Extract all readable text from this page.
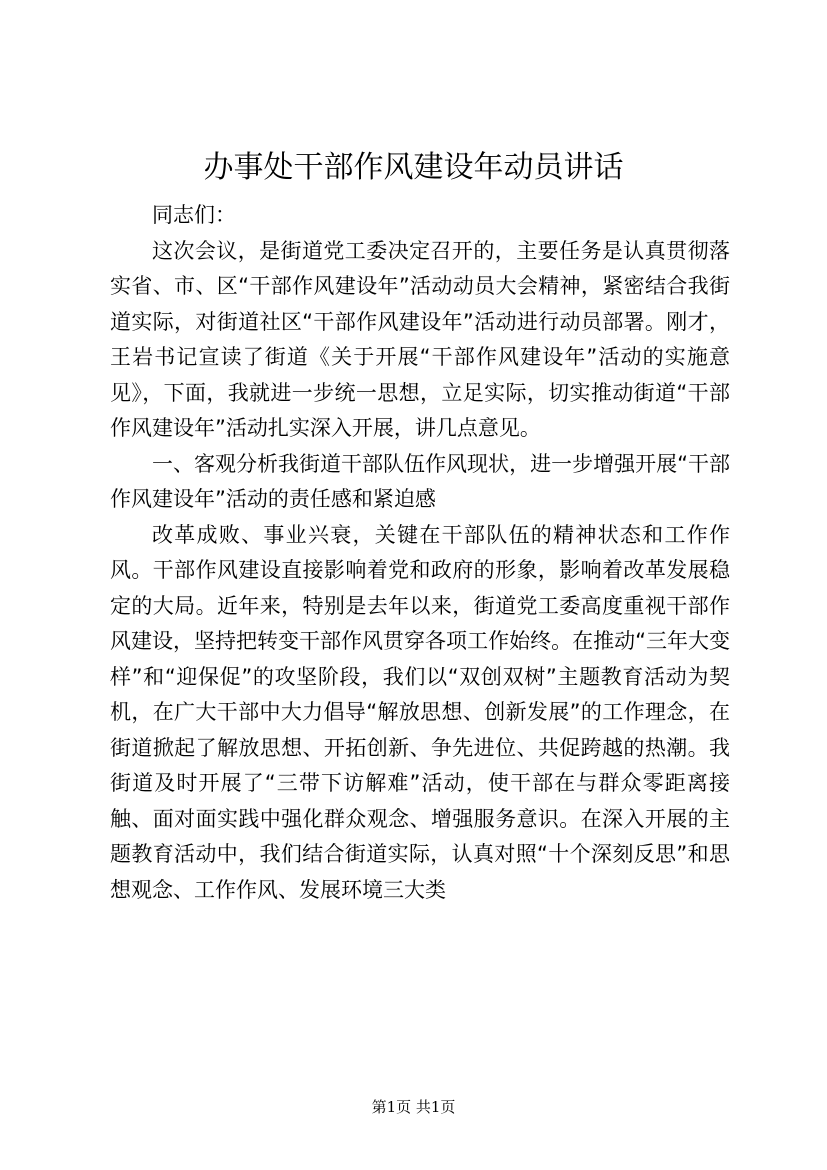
办事处干部作风建设年动员讲话

同志们：

这次会议，是街道党工委决定召开的，主要任务是认真贯彻落实省、市、区“干部作风建设年”活动动员大会精神，紧密结合我街道实际，对街道社区“干部作风建设年”活动进行动员部署。刚才，王岩书记宣读了街道《关于开展“干部作风建设年”活动的实施意见》，下面，我就进一步统一思想，立足实际，切实推动街道“干部作风建设年”活动扎实深入开展，讲几点意见。

一、客观分析我街道干部队伍作风现状，进一步增强开展“干部作风建设年”活动的责任感和紧迫感

改革成败、事业兴衰，关键在干部队伍的精神状态和工作作风。干部作风建设直接影响着党和政府的形象，影响着改革发展稳定的大局。近年来，特别是去年以来，街道党工委高度重视干部作风建设，坚持把转变干部作风贯穿各项工作始终。在推动“三年大变样”和“迎保促”的攻坚阶段，我们以“双创双树”主题教育活动为契机，在广大干部中大力倡导“解放思想、创新发展”的工作理念，在街道掀起了解放思想、开拓创新、争先进位、共促跨越的热潮。我街道及时开展了“三带下访解难”活动，使干部在与群众零距离接触、面对面实践中强化群众观念、增强服务意识。在深入开展的主题教育活动中，我们结合街道实际，认真对照“十个深刻反思”和思想观念、工作作风、发展环境三大类

第1页 共1页
